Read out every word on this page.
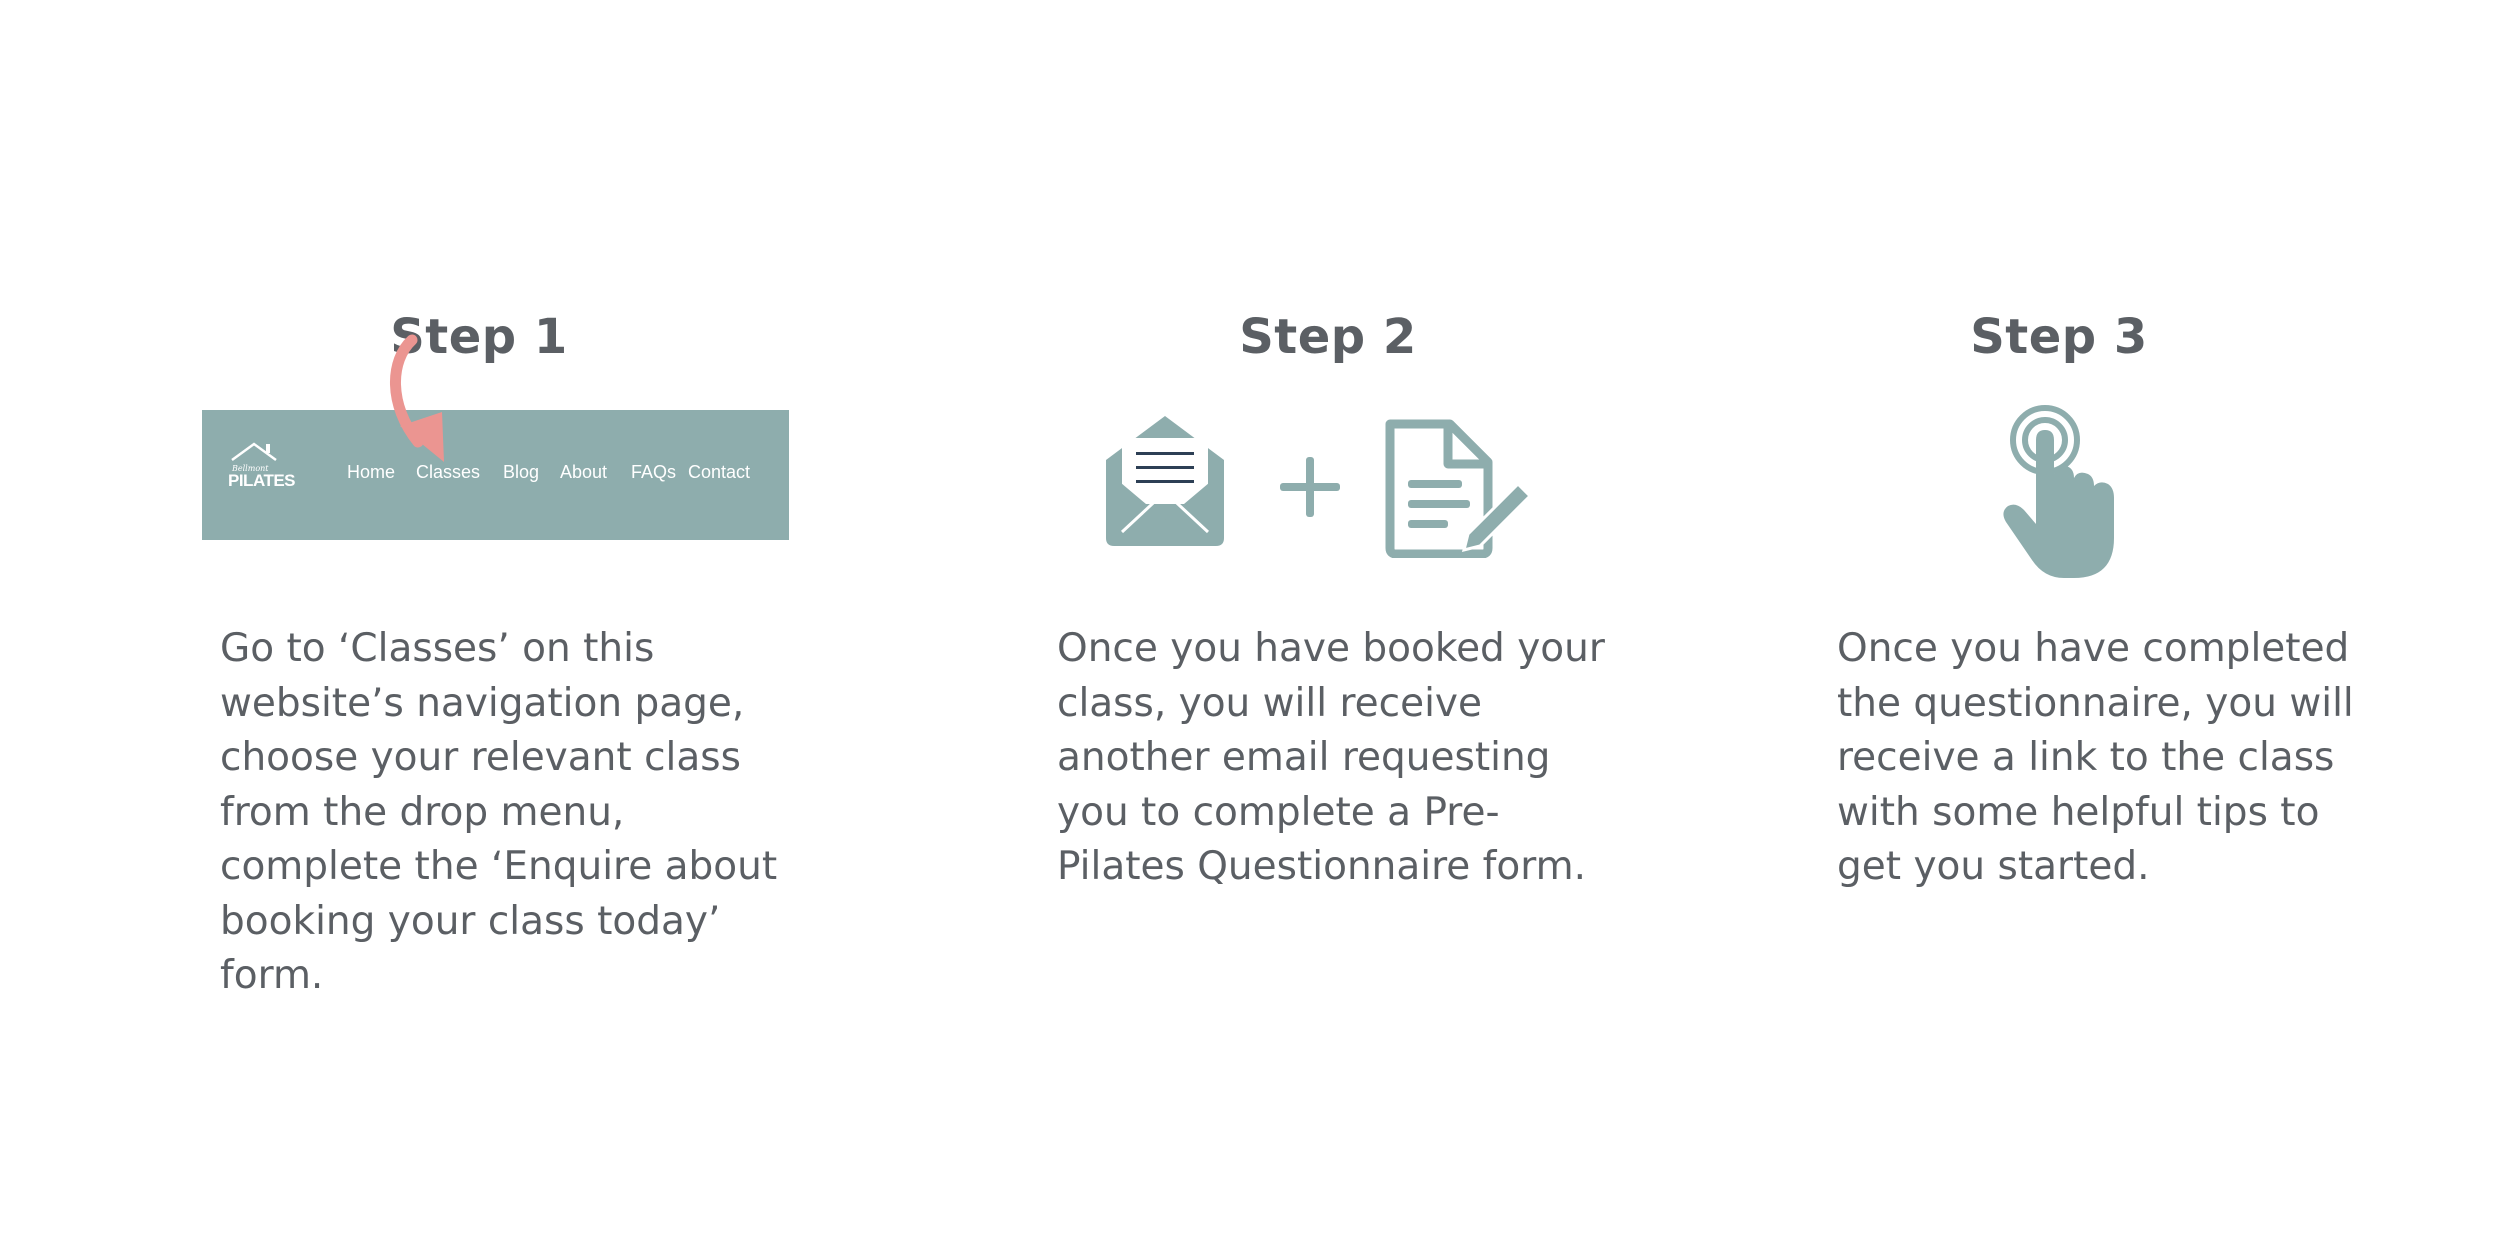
Step 1	Step 2	Step 3
Bellmont
PILATES	Home Classes Blog About FAQs Contact

Go to ‘Classes’ on this
website’s navigation page,
choose your relevant class
from the drop menu,
complete the ‘Enquire about
booking your class today’
form.

Once you have booked your
class, you will receive
another email requesting
you to complete a Pre-
Pilates Questionnaire form.

Once you have completed
the questionnaire, you will
receive a link to the class
with some helpful tips to
get you started.
